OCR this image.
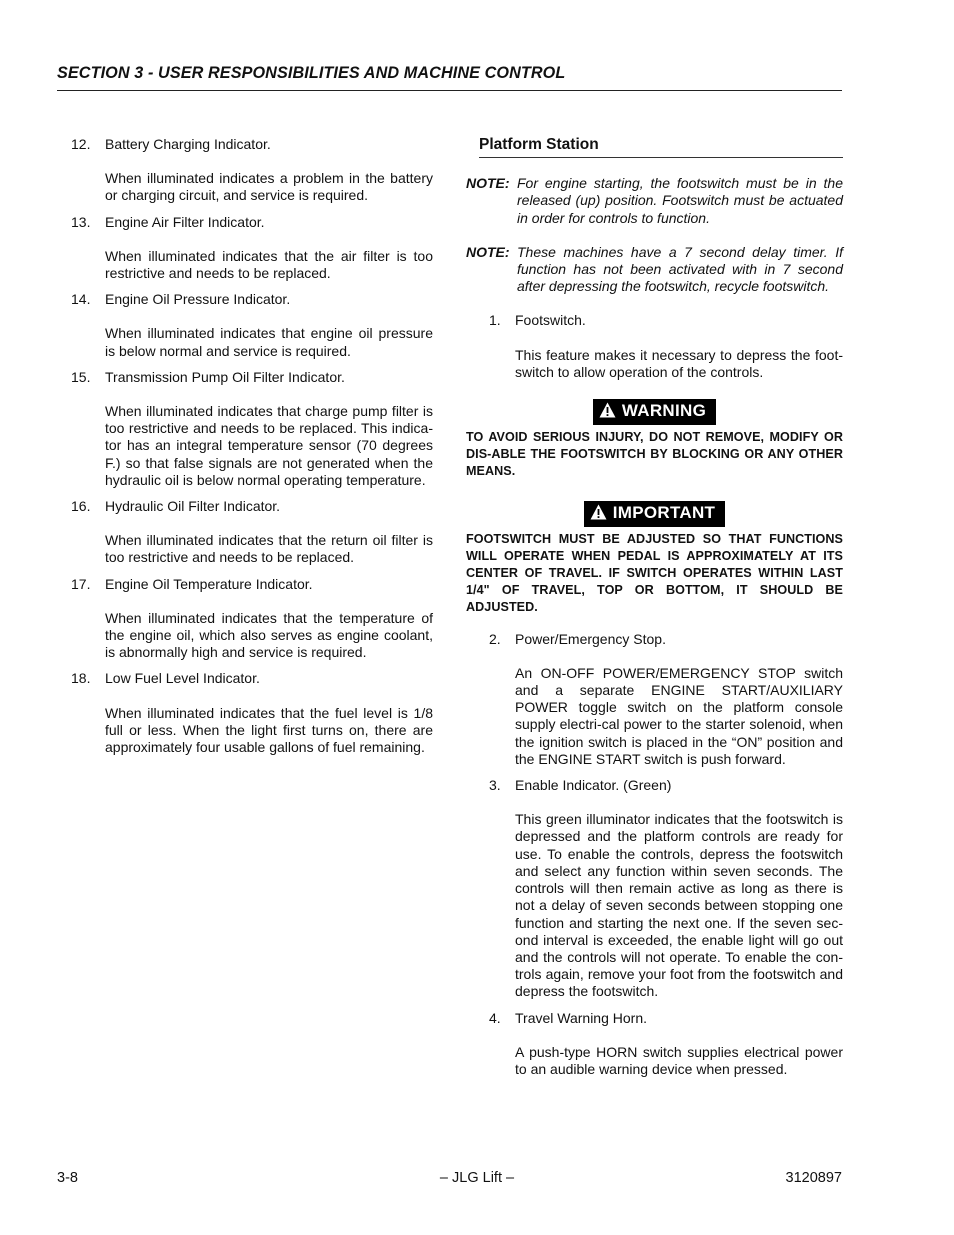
SECTION 3 - USER RESPONSIBILITIES AND MACHINE CONTROL
12.	Battery Charging Indicator.
When illuminated indicates a problem in the battery or charging circuit, and service is required.
13.	Engine Air Filter Indicator.
When illuminated indicates that the air filter is too restrictive and needs to be replaced.
14.	Engine Oil Pressure Indicator.
When illuminated indicates that engine oil pressure is below normal and service is required.
15.	Transmission Pump Oil Filter Indicator.
When illuminated indicates that charge pump filter is too restrictive and needs to be replaced. This indica-tor has an integral temperature sensor (70 degrees F.) so that false signals are not generated when the hydraulic oil is below normal operating temperature.
16.	Hydraulic Oil Filter Indicator.
When illuminated indicates that the return oil filter is too restrictive and needs to be replaced.
17.	Engine Oil Temperature Indicator.
When illuminated indicates that the temperature of the engine oil, which also serves as engine coolant, is abnormally high and service is required.
18.	Low Fuel Level Indicator.
When illuminated indicates that the fuel level is 1/8 full or less. When the light first turns on, there are approximately four usable gallons of fuel remaining.
Platform Station
NOTE: For engine starting, the footswitch must be in the released (up) position. Footswitch must be actuated in order for controls to function.
NOTE: These machines have a 7 second delay timer. If function has not been activated with in 7 second after depressing the footswitch, recycle footswitch.
1. Footswitch.
This feature makes it necessary to depress the foot-switch to allow operation of the controls.
WARNING
TO AVOID SERIOUS INJURY, DO NOT REMOVE, MODIFY OR DIS-ABLE THE FOOTSWITCH BY BLOCKING OR ANY OTHER MEANS.
IMPORTANT
FOOTSWITCH MUST BE ADJUSTED SO THAT FUNCTIONS WILL OPERATE WHEN PEDAL IS APPROXIMATELY AT ITS CENTER OF TRAVEL. IF SWITCH OPERATES WITHIN LAST 1/4" OF TRAVEL, TOP OR BOTTOM, IT SHOULD BE ADJUSTED.
2. Power/Emergency Stop.
An ON-OFF POWER/EMERGENCY STOP switch and a separate ENGINE START/AUXILIARY POWER toggle switch on the platform console supply electri-cal power to the starter solenoid, when the ignition switch is placed in the “ON” position and the ENGINE START switch is push forward.
3. Enable Indicator. (Green)
This green illuminator indicates that the footswitch is depressed and the platform controls are ready for use. To enable the controls, depress the footswitch and select any function within seven seconds. The controls will then remain active as long as there is not a delay of seven seconds between stopping one function and starting the next one. If the seven sec-ond interval is exceeded, the enable light will go out and the controls will not operate. To enable the con-trols again, remove your foot from the footswitch and depress the footswitch.
4. Travel Warning Horn.
A push-type HORN switch supplies electrical power to an audible warning device when pressed.
3-8	– JLG Lift –	3120897
